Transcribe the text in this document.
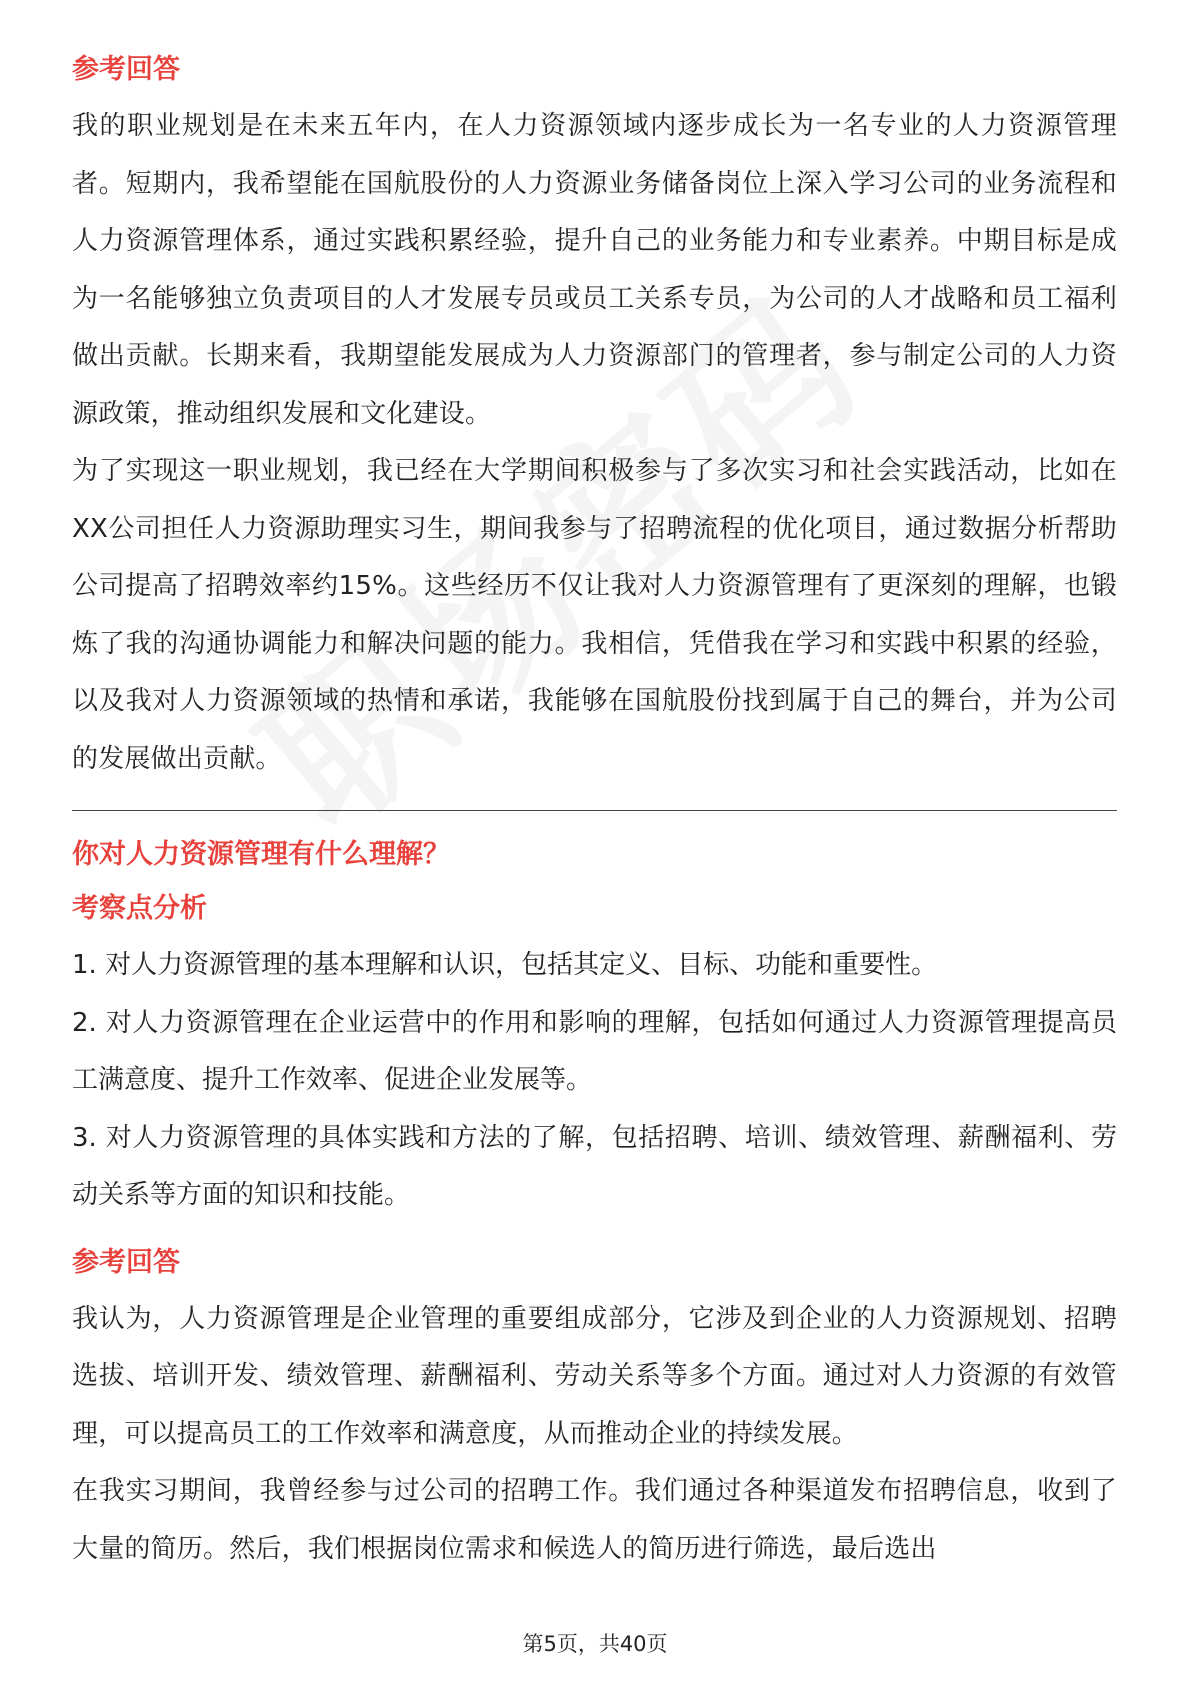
参考回答

我的职业规划是在未来五年内，在人力资源领域内逐步成长为一名专业的人力资源管理者。短期内，我希望能在国航股份的人力资源业务储备岗位上深入学习公司的业务流程和人力资源管理体系，通过实践积累经验，提升自己的业务能力和专业素养。中期目标是成为一名能够独立负责项目的人才发展专员或员工关系专员，为公司的人才战略和员工福利做出贡献。长期来看，我期望能发展成为人力资源部门的管理者，参与制定公司的人力资源政策，推动组织发展和文化建设。

为了实现这一职业规划，我已经在大学期间积极参与了多次实习和社会实践活动，比如在XX公司担任人力资源助理实习生，期间我参与了招聘流程的优化项目，通过数据分析帮助公司提高了招聘效率约15%。这些经历不仅让我对人力资源管理有了更深刻的理解，也锻炼了我的沟通协调能力和解决问题的能力。我相信，凭借我在学习和实践中积累的经验，以及我对人力资源领域的热情和承诺，我能够在国航股份找到属于自己的舞台，并为公司的发展做出贡献。

你对人力资源管理有什么理解？
考察点分析

1. 对人力资源管理的基本理解和认识，包括其定义、目标、功能和重要性。

2. 对人力资源管理在企业运营中的作用和影响的理解，包括如何通过人力资源管理提高员工满意度、提升工作效率、促进企业发展等。

3. 对人力资源管理的具体实践和方法的了解，包括招聘、培训、绩效管理、薪酬福利、劳动关系等方面的知识和技能。

参考回答

我认为，人力资源管理是企业管理的重要组成部分，它涉及到企业的人力资源规划、招聘选拔、培训开发、绩效管理、薪酬福利、劳动关系等多个方面。通过对人力资源的有效管理，可以提高员工的工作效率和满意度，从而推动企业的持续发展。

在我实习期间，我曾经参与过公司的招聘工作。我们通过各种渠道发布招聘信息，收到了大量的简历。然后，我们根据岗位需求和候选人的简历进行筛选，最后选出

第5页，共40页
